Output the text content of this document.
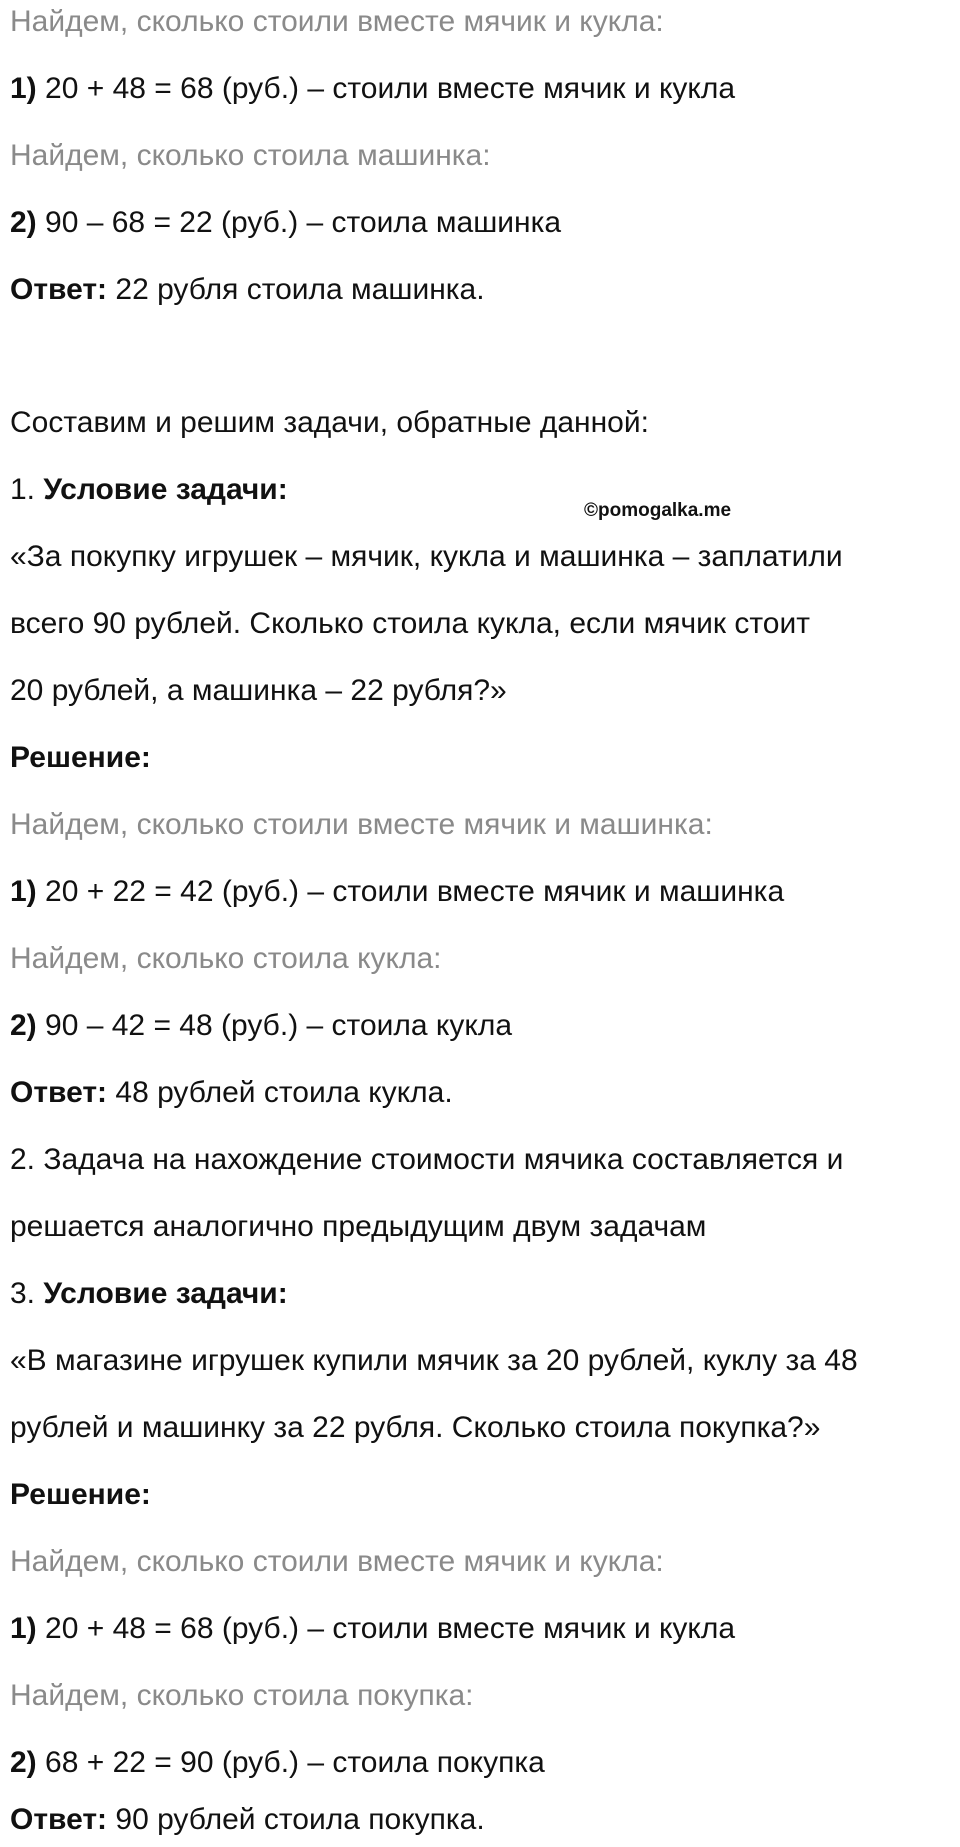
Найдем, сколько стоили вместе мячик и кукла:
1) 20 + 48 = 68 (руб.) – стоили вместе мячик и кукла
Найдем, сколько стоила машинка:
2) 90 – 68 = 22 (руб.) – стоила машинка
Ответ: 22 рубля стоила машинка.
Составим и решим задачи, обратные данной:
1. Условие задачи:
©pomogalka.me
«За покупку игрушек – мячик, кукла и машинка – заплатили
всего 90 рублей. Сколько стоила кукла, если мячик стоит
20 рублей, а машинка – 22 рубля?»
Решение:
Найдем, сколько стоили вместе мячик и машинка:
1) 20 + 22 = 42 (руб.) – стоили вместе мячик и машинка
Найдем, сколько стоила кукла:
2) 90 – 42 = 48 (руб.) – стоила кукла
Ответ: 48 рублей стоила кукла.
2. Задача на нахождение стоимости мячика составляется и
решается аналогично предыдущим двум задачам
3. Условие задачи:
«В магазине игрушек купили мячик за 20 рублей, куклу за 48
рублей и машинку за 22 рубля. Сколько стоила покупка?»
Решение:
Найдем, сколько стоили вместе мячик и кукла:
1) 20 + 48 = 68 (руб.) – стоили вместе мячик и кукла
Найдем, сколько стоила покупка:
2) 68 + 22 = 90 (руб.) – стоила покупка
Ответ: 90 рублей стоила покупка.
